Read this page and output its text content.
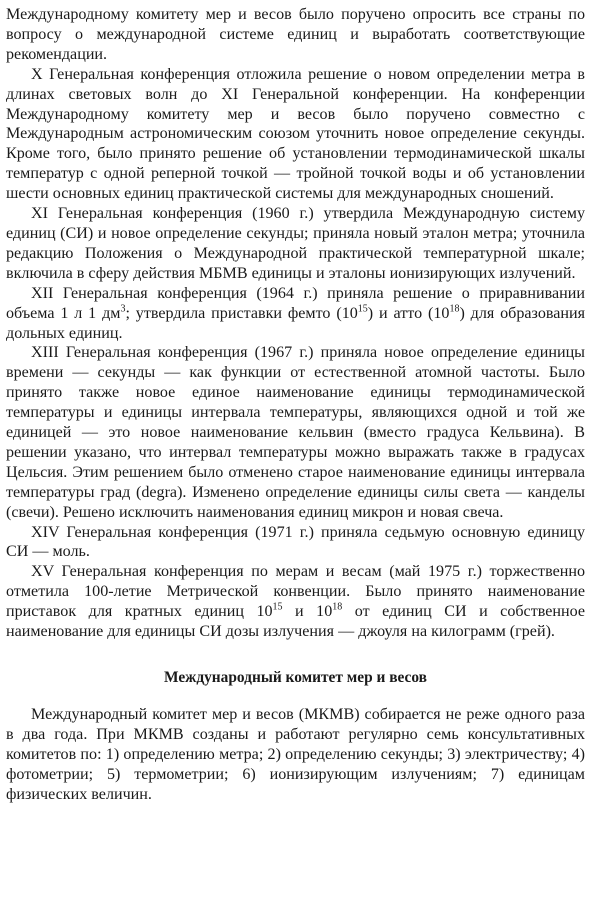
Международному комитету мер и весов было поручено опросить все страны по вопросу о международной системе единиц и выработать соответствующие рекомендации.

X Генеральная конференция отложила решение о новом определении метра в длинах световых волн до XI Генеральной конференции. На конференции Международному комитету мер и весов было поручено совместно с Международным астрономическим союзом уточнить новое определение секунды. Кроме того, было принято решение об установлении термодинамической шкалы температур с одной реперной точкой — тройной точкой воды и об установлении шести основных единиц практической системы для международных сношений.

XI Генеральная конференция (1960 г.) утвердила Международную систему единиц (СИ) и новое определение секунды; приняла новый эталон метра; уточнила редакцию Положения о Международной практической температурной шкале; включила в сферу действия МБМВ единицы и эталоны ионизирующих излучений.

XII Генеральная конференция (1964 г.) приняла решение о приравнивании объема 1 л 1 $дм^3$; утвердила приставки фемто $(10^{15})$ и атто $(10^{18})$ для образования дольных единиц.

XIII Генеральная конференция (1967 г.) приняла новое определение единицы времени — секунды — как функции от естественной атомной частоты. Было принято также новое единое наименование единицы термодинамической температуры и единицы интервала температуры, являющихся одной и той же единицей — это новое наименование кельвин (вместо градуса Кельвина). В решении указано, что интервал температуры можно выражать также в градусах Цельсия. Этим решением было отменено старое наименование единицы интервала температуры град (degra). Изменено определение единицы силы света — канделы (свечи). Решено исключить наименования единиц микрон и новая свеча.

XIV Генеральная конференция (1971 г.) приняла седьмую основную единицу СИ — моль.

XV Генеральная конференция по мерам и весам (май 1975 г.) торжественно отметила 100-летие Метрической конвенции. Было принято наименование приставок для кратных единиц $10^{15}$ и $10^{18}$ от единиц СИ и собственное наименование для единицы СИ дозы излучения — джоуля на килограмм (грей).

Международный комитет мер и весов

Международный комитет мер и весов (МКМВ) собирается не реже одного раза в два года. При МКМВ созданы и работают регулярно семь консультативных комитетов по: 1) определению метра; 2) определению секунды; 3) электричеству; 4) фотометрии; 5) термометрии; 6) ионизирующим излучениям; 7) единицам физических величин.
